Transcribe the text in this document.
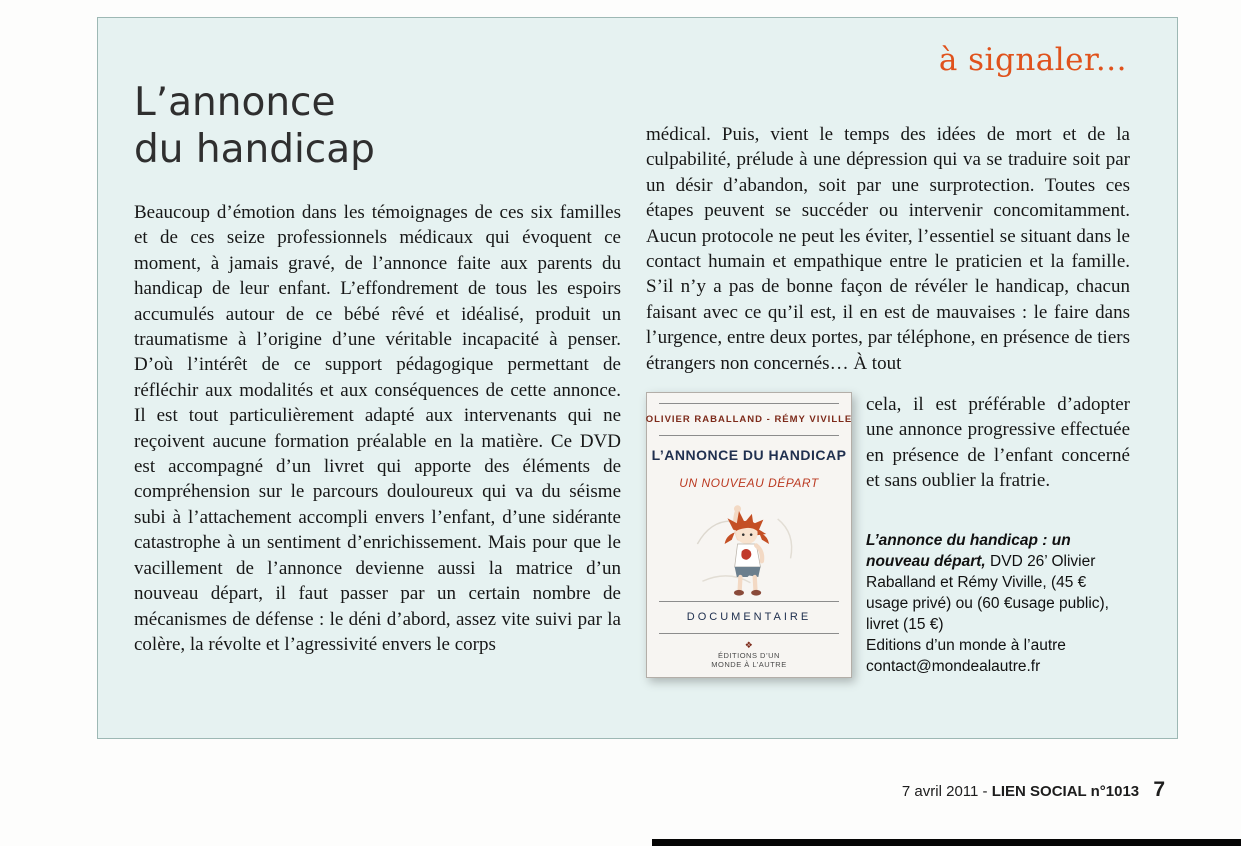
à signaler...
L’annonce
du handicap
Beaucoup d’émotion dans les témoignages de ces six familles et de ces seize professionnels médicaux qui évoquent ce moment, à jamais gravé, de l’annonce faite aux parents du handicap de leur enfant. L’effondrement de tous les espoirs accumulés autour de ce bébé rêvé et idéalisé, produit un traumatisme à l’origine d’une véritable incapacité à penser. D’où l’intérêt de ce support pédagogique permettant de réfléchir aux modalités et aux conséquences de cette annonce. Il est tout particulièrement adapté aux intervenants qui ne reçoivent aucune formation préalable en la matière. Ce DVD est accompagné d’un livret qui apporte des éléments de compréhension sur le parcours douloureux qui va du séisme subi à l’attachement accompli envers l’enfant, d’une sidérante catastrophe à un sentiment d’enrichissement. Mais pour que le vacillement de l’annonce devienne aussi la matrice d’un nouveau départ, il faut passer par un certain nombre de mécanismes de défense : le déni d’abord, assez vite suivi par la colère, la révolte et l’agressivité envers le corps
médical. Puis, vient le temps des idées de mort et de la culpabilité, prélude à une dépression qui va se traduire soit par un désir d’abandon, soit par une surprotection. Toutes ces étapes peuvent se succéder ou intervenir concomitamment. Aucun protocole ne peut les éviter, l’essentiel se situant dans le contact humain et empathique entre le praticien et la famille. S’il n’y a pas de bonne façon de révéler le handicap, chacun faisant avec ce qu’il est, il en est de mauvaises : le faire dans l’urgence, entre deux portes, par téléphone, en présence de tiers étrangers non concernés… À tout
OLIVIER RABALLAND - RÉMY VIVILLE
L’ANNONCE DU HANDICAP
UN NOUVEAU DÉPART
DOCUMENTAIRE
❖
ÉDITIONS D’UN MONDE À L’AUTRE
cela, il est préférable d’adopter une annonce progressive effectuée en présence de l’enfant concerné et sans oublier la fratrie.

L’annonce du handicap : un nouveau départ, DVD 26’ Olivier Raballand et Rémy Viville, (45 € usage privé) ou (60 €usage public), livret (15 €)

Editions d’un monde à l’autre
contact@mondealautre.fr
7 avril 2011 - LIEN SOCIAL n°1013 7
